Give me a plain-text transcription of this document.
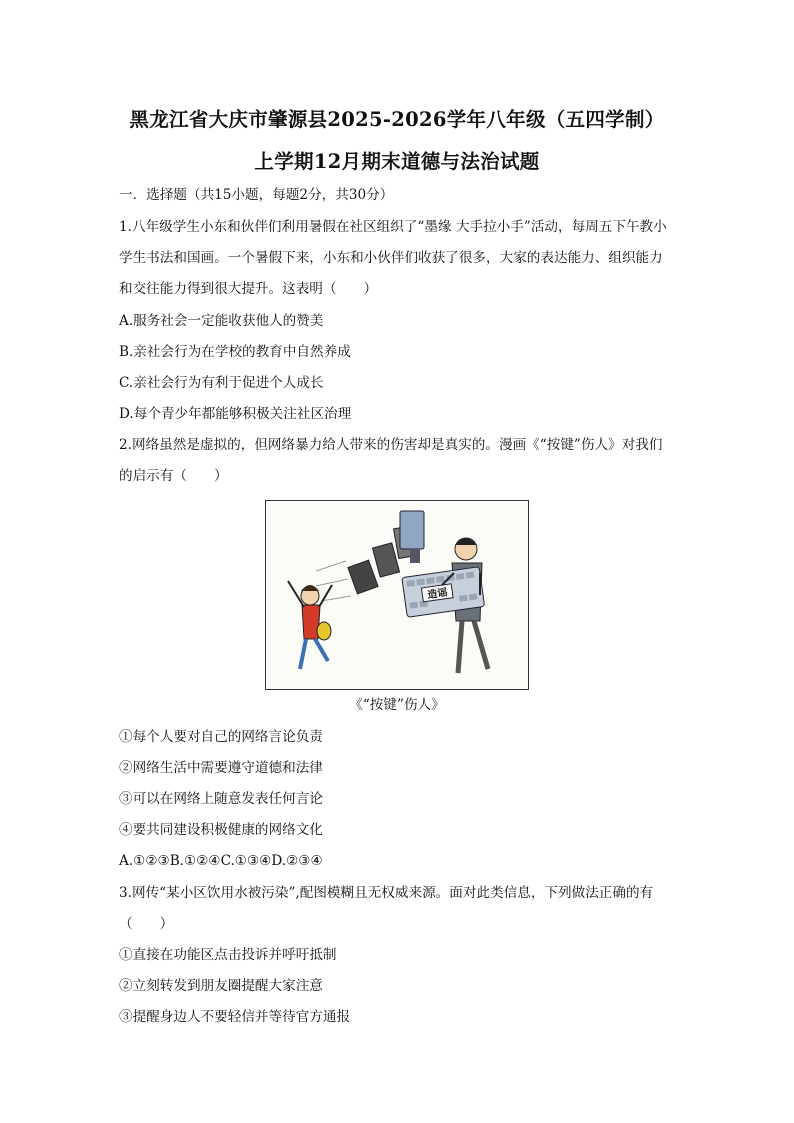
黑龙江省大庆市肇源县2025-2026学年八年级（五四学制）
上学期12月期末道德与法治试题
一．选择题（共15小题，每题2分，共30分）
1.八年级学生小东和伙伴们利用暑假在社区组织了“墨缘 大手拉小手”活动，每周五下午教小
学生书法和国画。一个暑假下来，小东和小伙伴们收获了很多，大家的表达能力、组织能力
和交往能力得到很大提升。这表明（　　）
A.服务社会一定能收获他人的赞美
B.亲社会行为在学校的教育中自然养成
C.亲社会行为有利于促进个人成长
D.每个青少年都能够积极关注社区治理
2.网络虽然是虚拟的，但网络暴力给人带来的伤害却是真实的。漫画《“按键”伤人》对我们
的启示有（　　）
造谣
《“按键”伤人》
①每个人要对自己的网络言论负责
②网络生活中需要遵守道德和法律
③可以在网络上随意发表任何言论
④要共同建设积极健康的网络文化
A.①②③B.①②④C.①③④D.②③④
3.网传“某小区饮用水被污染”,配图模糊且无权威来源。面对此类信息，下列做法正确的有
（　　）
①直接在功能区点击投诉并呼吁抵制
②立刻转发到朋友圈提醒大家注意
③提醒身边人不要轻信并等待官方通报
